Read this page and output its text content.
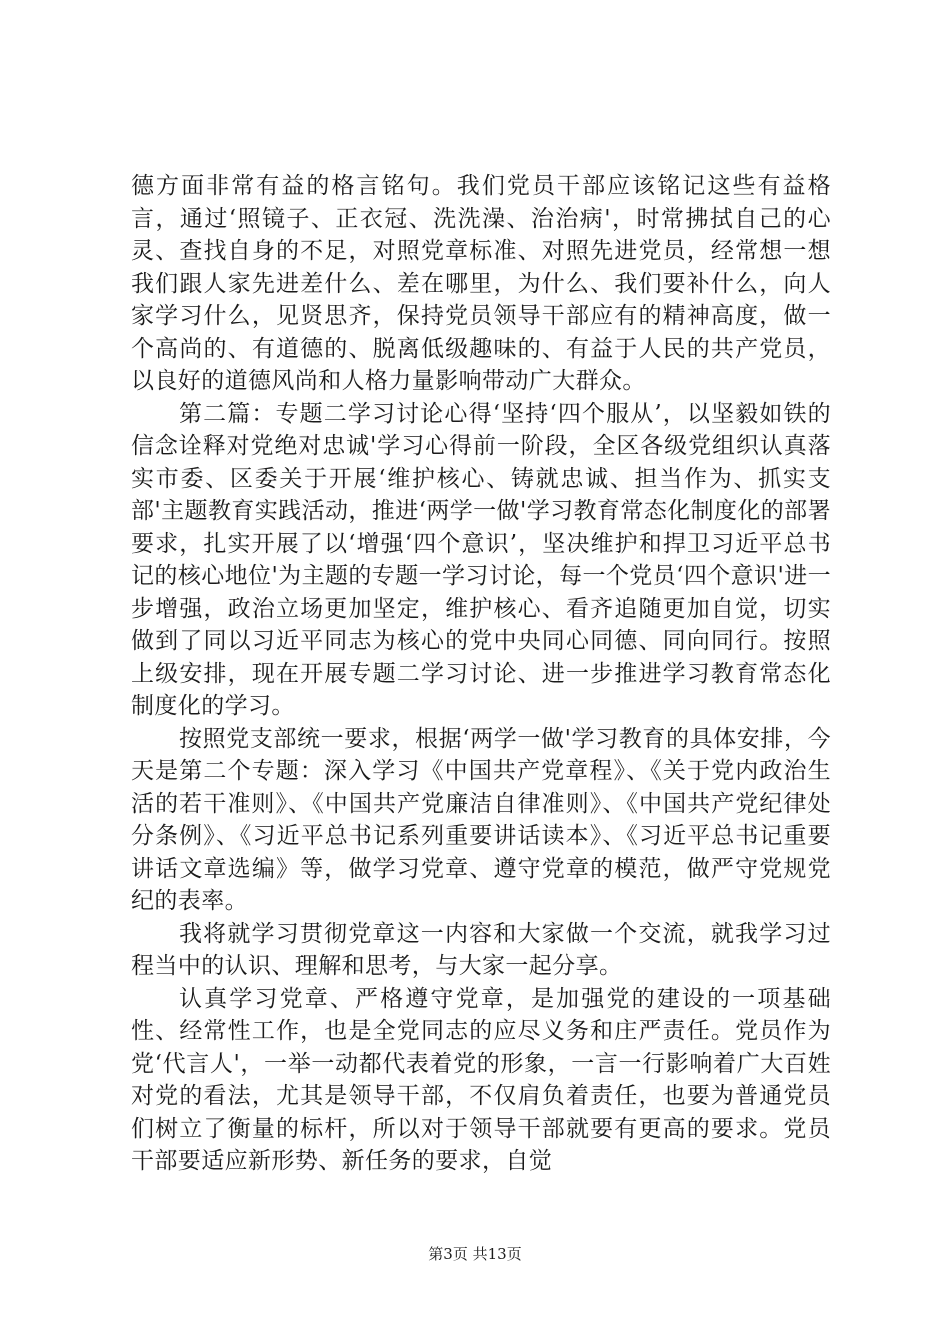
德方面非常有益的格言铭句。我们党员干部应该铭记这些有益格言，通过‘照镜子、正衣冠、洗洗澡、治治病'，时常拂拭自己的心灵、查找自身的不足，对照党章标准、对照先进党员，经常想一想我们跟人家先进差什么、差在哪里，为什么、我们要补什么，向人家学习什么，见贤思齐，保持党员领导干部应有的精神高度，做一个高尚的、有道德的、脱离低级趣味的、有益于人民的共产党员，以良好的道德风尚和人格力量影响带动广大群众。

第二篇：专题二学习讨论心得‘坚持‘四个服从’，以坚毅如铁的信念诠释对党绝对忠诚'学习心得前一阶段，全区各级党组织认真落实市委、区委关于开展‘维护核心、铸就忠诚、担当作为、抓实支部'主题教育实践活动，推进‘两学一做'学习教育常态化制度化的部署要求，扎实开展了以‘增强‘四个意识’，坚决维护和捍卫习近平总书记的核心地位'为主题的专题一学习讨论，每一个党员‘四个意识'进一步增强，政治立场更加坚定，维护核心、看齐追随更加自觉，切实做到了同以习近平同志为核心的党中央同心同德、同向同行。按照上级安排，现在开展专题二学习讨论、进一步推进学习教育常态化制度化的学习。

按照党支部统一要求，根据‘两学一做'学习教育的具体安排，今天是第二个专题：深入学习《中国共产党章程》、《关于党内政治生活的若干准则》、《中国共产党廉洁自律准则》、《中国共产党纪律处分条例》、《习近平总书记系列重要讲话读本》、《习近平总书记重要讲话文章选编》等，做学习党章、遵守党章的模范，做严守党规党纪的表率。

我将就学习贯彻党章这一内容和大家做一个交流，就我学习过程当中的认识、理解和思考，与大家一起分享。

认真学习党章、严格遵守党章，是加强党的建设的一项基础性、经常性工作，也是全党同志的应尽义务和庄严责任。党员作为党‘代言人'，一举一动都代表着党的形象，一言一行影响着广大百姓对党的看法，尤其是领导干部，不仅肩负着责任，也要为普通党员们树立了衡量的标杆，所以对于领导干部就要有更高的要求。党员干部要适应新形势、新任务的要求，自觉

第3页 共13页
